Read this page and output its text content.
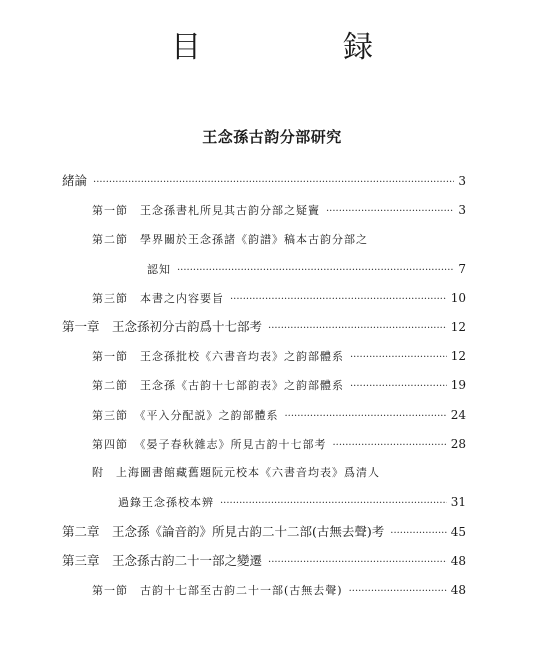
目　録
王念孫古韵分部研究
緒論 ·····	3
第一節　王念孫書札所見其古韵分部之疑竇 ·····	3
第二節　學界關於王念孫諸《韵譜》稿本古韵分部之
認知 ·····	7
第三節　本書之内容要旨 ·····	10
第一章　王念孫初分古韵爲十七部考 ·····	12
第一節　王念孫批校《六書音均表》之韵部體系 ·····	12
第二節　王念孫《古韵十七部韵表》之韵部體系 ·····	19
第三節　《平入分配説》之韵部體系 ·····	24
第四節　《晏子春秋雜志》所見古韵十七部考 ·····	28
附　上海圖書館藏舊題阮元校本《六書音均表》爲清人
過錄王念孫校本辨 ·····	31
第二章　王念孫《論音韵》所見古韵二十二部(古無去聲)考 ·····	45
第三章　王念孫古韵二十一部之變遷 ·····	48
第一節　古韵十七部至古韵二十一部(古無去聲) ·····	48
